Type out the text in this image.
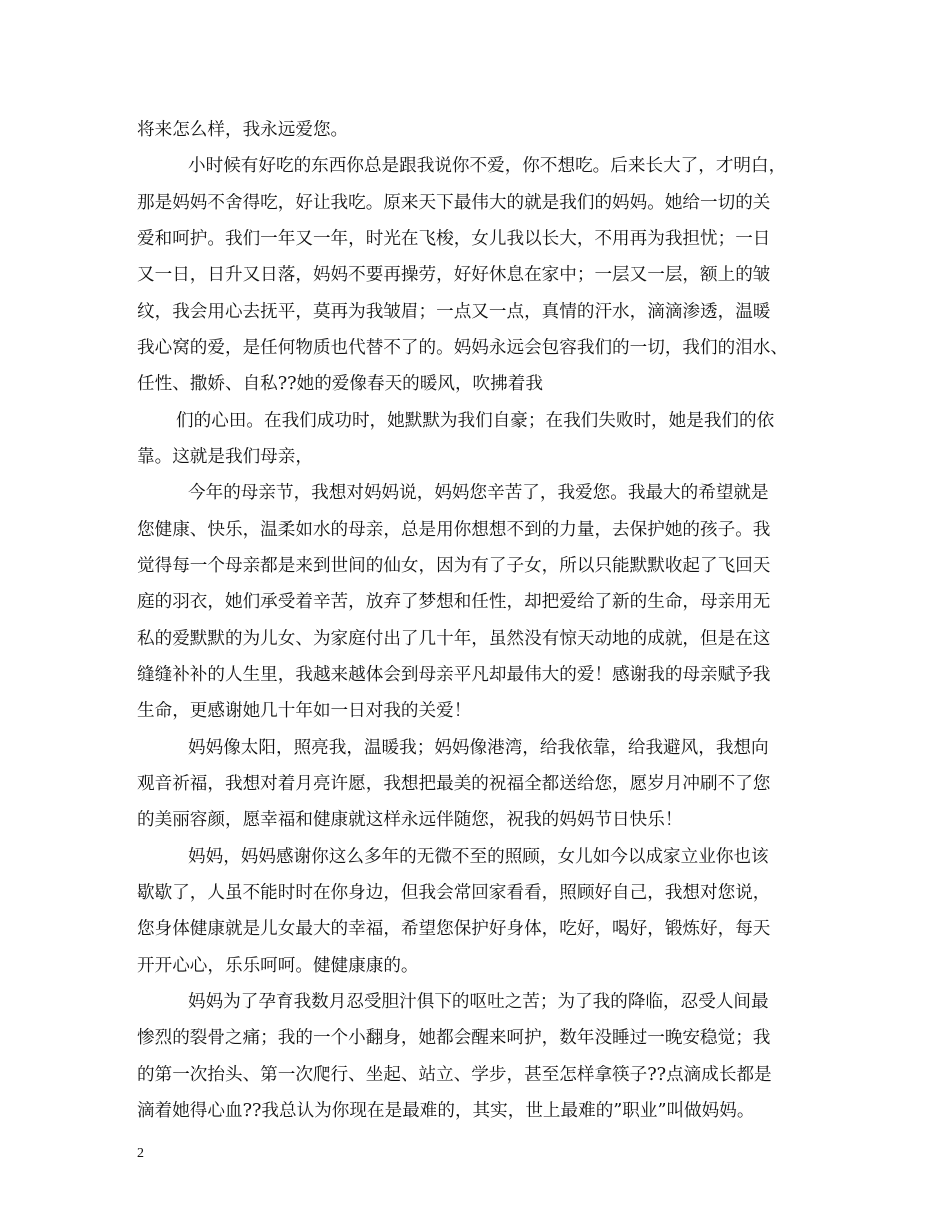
将来怎么样，我永远爱您。
小时候有好吃的东西你总是跟我说你不爱，你不想吃。后来长大了，才明白，
那是妈妈不舍得吃，好让我吃。原来天下最伟大的就是我们的妈妈。她给一切的关
爱和呵护。我们一年又一年，时光在飞梭，女儿我以长大，不用再为我担忧；一日
又一日，日升又日落，妈妈不要再操劳，好好休息在家中；一层又一层，额上的皱
纹，我会用心去抚平，莫再为我皱眉；一点又一点，真情的汗水，滴滴渗透，温暖
我心窝的爱，是任何物质也代替不了的。妈妈永远会包容我们的一切，我们的泪水、
任性、撒娇、自私??她的爱像春天的暖风，吹拂着我
们的心田。在我们成功时，她默默为我们自豪；在我们失败时，她是我们的依
靠。这就是我们母亲，
今年的母亲节，我想对妈妈说，妈妈您辛苦了，我爱您。我最大的希望就是
您健康、快乐，温柔如水的母亲，总是用你想想不到的力量，去保护她的孩子。我
觉得每一个母亲都是来到世间的仙女，因为有了子女，所以只能默默收起了飞回天
庭的羽衣，她们承受着辛苦，放弃了梦想和任性，却把爱给了新的生命，母亲用无
私的爱默默的为儿女、为家庭付出了几十年，虽然没有惊天动地的成就，但是在这
缝缝补补的人生里，我越来越体会到母亲平凡却最伟大的爱！感谢我的母亲赋予我
生命，更感谢她几十年如一日对我的关爱！
妈妈像太阳，照亮我，温暖我；妈妈像港湾，给我依靠，给我避风，我想向
观音祈福，我想对着月亮许愿，我想把最美的祝福全都送给您，愿岁月冲刷不了您
的美丽容颜，愿幸福和健康就这样永远伴随您，祝我的妈妈节日快乐！
妈妈，妈妈感谢你这么多年的无微不至的照顾，女儿如今以成家立业你也该
歇歇了，人虽不能时时在你身边，但我会常回家看看，照顾好自己，我想对您说，
您身体健康就是儿女最大的幸福，希望您保护好身体，吃好，喝好，锻炼好，每天
开开心心，乐乐呵呵。健健康康的。
妈妈为了孕育我数月忍受胆汁俱下的呕吐之苦；为了我的降临，忍受人间最
惨烈的裂骨之痛；我的一个小翻身，她都会醒来呵护，数年没睡过一晚安稳觉；我
的第一次抬头、第一次爬行、坐起、站立、学步，甚至怎样拿筷子??点滴成长都是
滴着她得心血??我总认为你现在是最难的，其实，世上最难的”职业”叫做妈妈。
2
